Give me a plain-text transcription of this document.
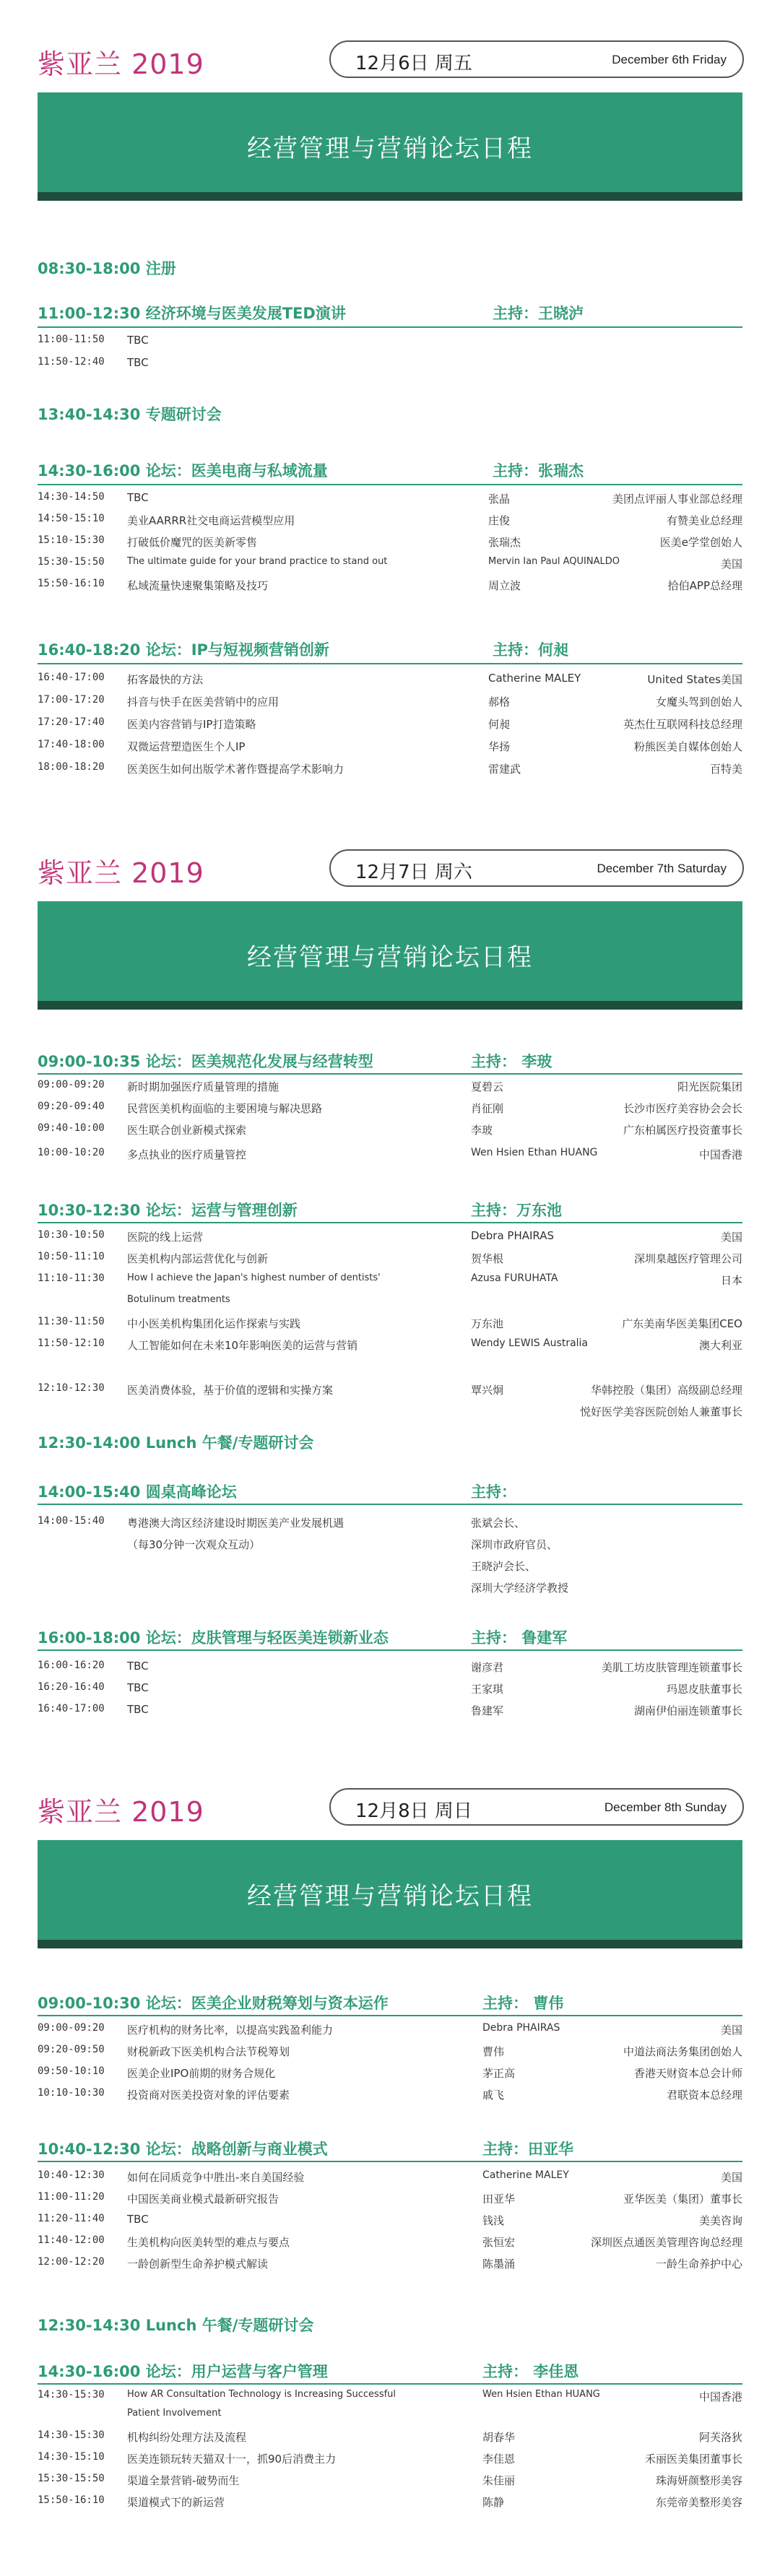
紫亚兰 2019	12月6日 周五	December 6th Friday
经营管理与营销论坛日程
08:30-18:00 注册
11:00-12:30 经济环境与医美发展TED演讲	主持：王晓泸
11:00-11:50 TBC
11:50-12:40 TBC
13:40-14:30 专题研讨会
14:30-16:00 论坛：医美电商与私域流量	主持：张瑞杰
14:30-14:50 TBC	张晶	美团点评丽人事业部总经理
14:50-15:10 美业AARRR社交电商运营模型应用	庄俊	有赞美业总经理
15:10-15:30 打破低价魔咒的医美新零售	张瑞杰	医美e学堂创始人
15:30-15:50 The ultimate guide for your brand practice to stand out	Mervin Ian Paul AQUINALDO	美国
15:50-16:10 私域流量快速聚集策略及技巧	周立波	拾伯APP总经理
16:40-18:20 论坛：IP与短视频营销创新	主持：何昶
16:40-17:00 拓客最快的方法	Catherine MALEY	United States美国
17:00-17:20 抖音与快手在医美营销中的应用	郝格	女魔头驾到创始人
17:20-17:40 医美内容营销与IP打造策略	何昶	英杰仕互联网科技总经理
17:40-18:00 双微运营塑造医生个人IP	华扬	粉熊医美自媒体创始人
18:00-18:20 医美医生如何出版学术著作暨提高学术影响力	雷建武	百特美
紫亚兰 2019	12月7日 周六	December 7th Saturday
经营管理与营销论坛日程
09:00-10:35 论坛：医美规范化发展与经营转型	主持： 李玻
09:00-09:20 新时期加强医疗质量管理的措施	夏碧云	阳光医院集团
09:20-09:40 民营医美机构面临的主要困境与解决思路	肖征刚	长沙市医疗美容协会会长
09:40-10:00 医生联合创业新模式探索	李玻	广东柏属医疗投资董事长
10:00-10:20 多点执业的医疗质量管控	Wen Hsien Ethan HUANG	中国香港
10:30-12:30 论坛：运营与管理创新	主持：万东池
10:30-10:50 医院的线上运营	Debra PHAIRAS	美国
10:50-11:10 医美机构内部运营优化与创新	贺华根	深圳臬越医疗管理公司
11:10-11:30 How I achieve the Japan's highest number of dentists'	Azusa FURUHATA	日本
Botulinum treatments
11:30-11:50 中小医美机构集团化运作探索与实践	万东池	广东美南华医美集团CEO
11:50-12:10 人工智能如何在未来10年影响医美的运营与营销	Wendy LEWIS Australia	澳大利亚
12:10-12:30 医美消费体验，基于价值的逻辑和实操方案	覃兴炯	华韩控股（集团）高级副总经理
悦好医学美容医院创始人兼董事长
12:30-14:00 Lunch 午餐/专题研讨会
14:00-15:40 圆桌高峰论坛	主持：
14:00-15:40 粤港澳大湾区经济建设时期医美产业发展机遇	张斌会长、
（每30分钟一次观众互动）	深圳市政府官员、
王晓泸会长、
深圳大学经济学教授
16:00-18:00 论坛：皮肤管理与轻医美连锁新业态	主持： 鲁建军
16:00-16:20 TBC	谢彦君	美肌工坊皮肤管理连锁董事长
16:20-16:40 TBC	王家琪	玛恩皮肤董事长
16:40-17:00 TBC	鲁建军	湖南伊伯丽连锁董事长
紫亚兰 2019	12月8日 周日	December 8th Sunday
经营管理与营销论坛日程
09:00-10:30 论坛：医美企业财税筹划与资本运作	主持： 曹伟
09:00-09:20 医疗机构的财务比率，以提高实践盈利能力	Debra PHAIRAS	美国
09:20-09:50 财税新政下医美机构合法节税筹划	曹伟	中道法商法务集团创始人
09:50-10:10 医美企业IPO前期的财务合规化	茅正高	香港天财资本总会计师
10:10-10:30 投资商对医美投资对象的评估要素	戚飞	君联资本总经理
10:40-12:30 论坛：战略创新与商业模式	主持：田亚华
10:40-12:30 如何在同质竞争中胜出-来自美国经验	Catherine MALEY	美国
11:00-11:20 中国医美商业模式最新研究报告	田亚华	亚华医美（集团）董事长
11:20-11:40 TBC	钱浅	美美咨询
11:40-12:00 生美机构向医美转型的难点与要点	张恒宏	深圳医点通医美管理咨询总经理
12:00-12:20 一龄创新型生命养护模式解读	陈墨涌	一龄生命养护中心
12:30-14:30 Lunch 午餐/专题研讨会
14:30-16:00 论坛：用户运营与客户管理	主持： 李佳恩
14:30-15:30 How AR Consultation Technology is Increasing Successful	Wen Hsien Ethan HUANG	中国香港
Patient Involvement
14:30-15:30 机构纠纷处理方法及流程	胡春华	阿芙洛狄
14:30-15:10 医美连锁玩转天猫双十一，抓90后消费主力	李佳恩	禾丽医美集团董事长
15:30-15:50 渠道全景营销-破势而生	朱佳丽	珠海妍颜整形美容
15:50-16:10 渠道模式下的新运营	陈静	东莞帝美整形美容
